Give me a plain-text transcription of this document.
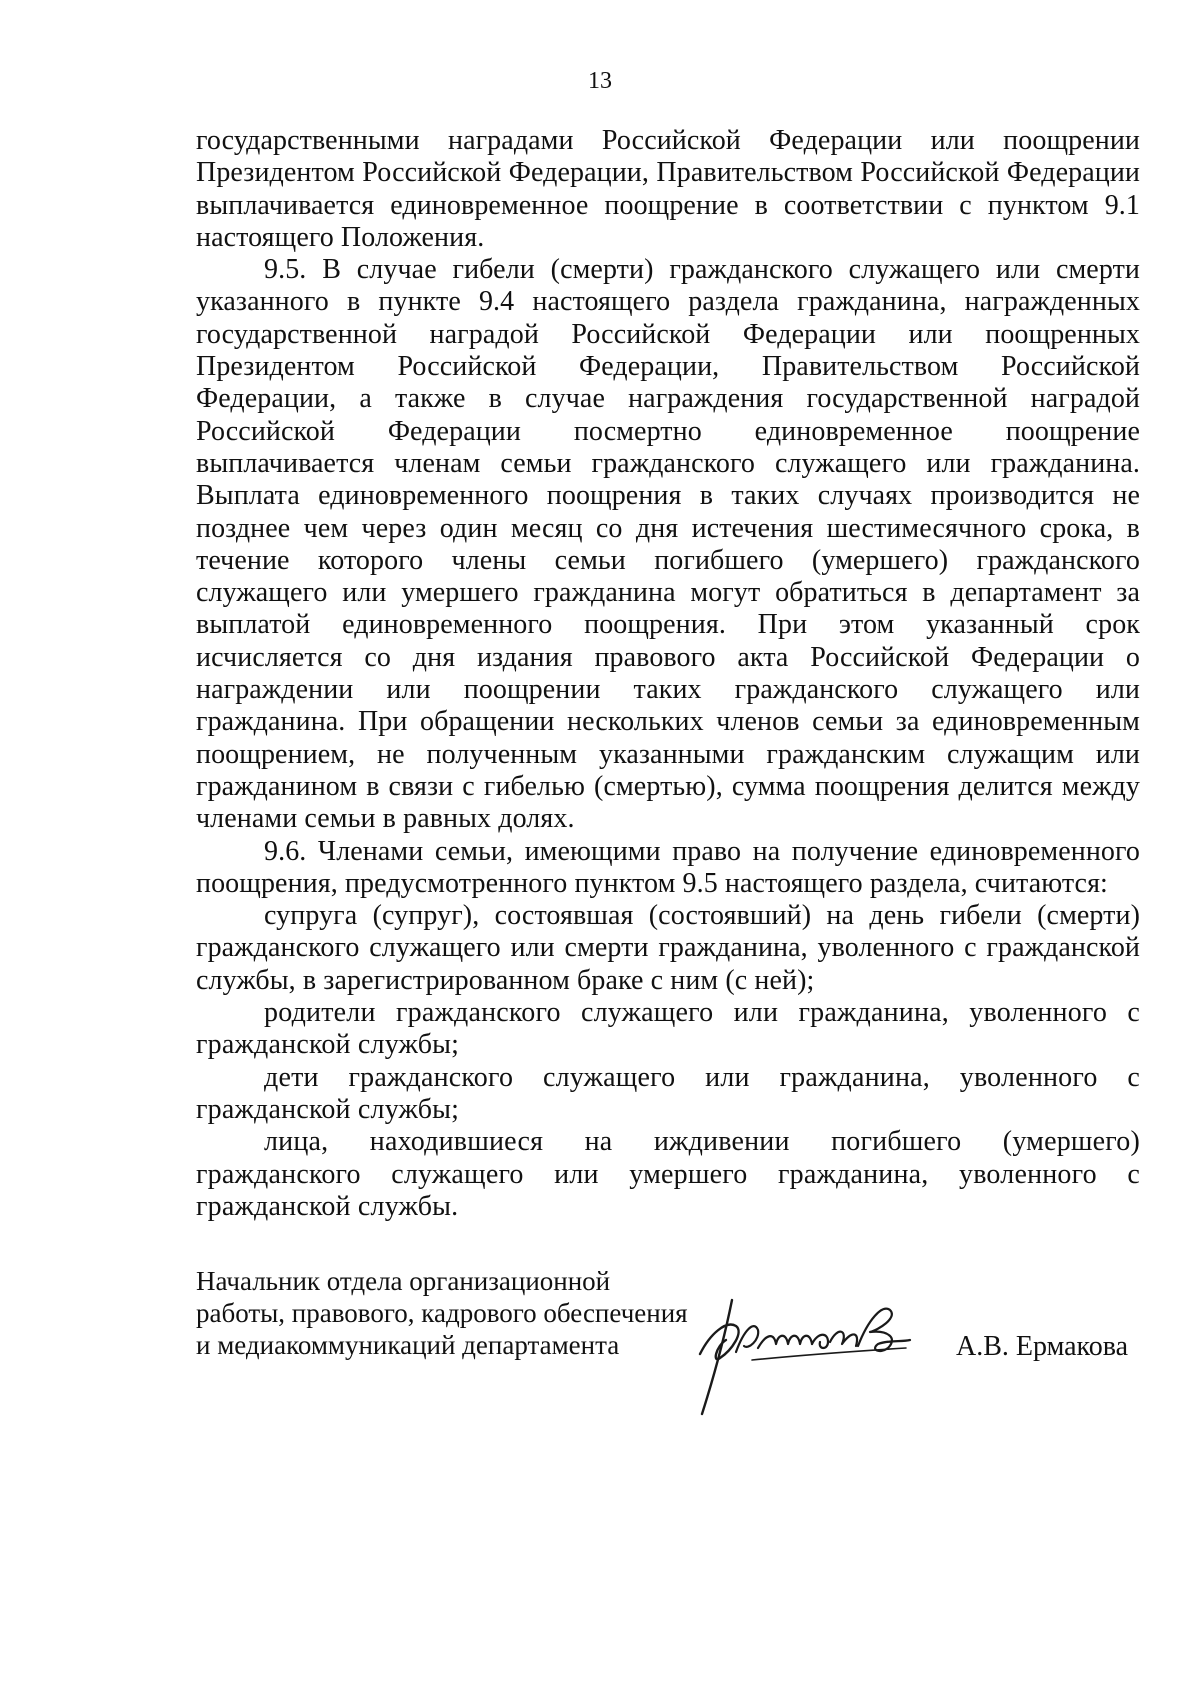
13

государственными наградами Российской Федерации или поощрении Президентом Российской Федерации, Правительством Российской Федерации выплачивается единовременное поощрение в соответствии с пунктом 9.1 настоящего Положения.

9.5. В случае гибели (смерти) гражданского служащего или смерти указанного в пункте 9.4 настоящего раздела гражданина, награжденных государственной наградой Российской Федерации или поощренных Президентом Российской Федерации, Правительством Российской Федерации, а также в случае награждения государственной наградой Российской Федерации посмертно единовременное поощрение выплачивается членам семьи гражданского служащего или гражданина. Выплата единовременного поощрения в таких случаях производится не позднее чем через один месяц со дня истечения шестимесячного срока, в течение которого члены семьи погибшего (умершего) гражданского служащего или умершего гражданина могут обратиться в департамент за выплатой единовременного поощрения. При этом указанный срок исчисляется со дня издания правового акта Российской Федерации о награждении или поощрении таких гражданского служащего или гражданина. При обращении нескольких членов семьи за единовременным поощрением, не полученным указанными гражданским служащим или гражданином в связи с гибелью (смертью), сумма поощрения делится между членами семьи в равных долях.

9.6. Членами семьи, имеющими право на получение единовременного поощрения, предусмотренного пунктом 9.5 настоящего раздела, считаются:

супруга (супруг), состоявшая (состоявший) на день гибели (смерти) гражданского служащего или смерти гражданина, уволенного с гражданской службы, в зарегистрированном браке с ним (с ней);

родители гражданского служащего или гражданина, уволенного с гражданской службы;

дети гражданского служащего или гражданина, уволенного с гражданской службы;

лица, находившиеся на иждивении погибшего (умершего) гражданского служащего или умершего гражданина, уволенного с гражданской службы.

Начальник отдела организационной
работы, правового, кадрового обеспечения
и медиакоммуникаций департамента	А.В. Ермакова
